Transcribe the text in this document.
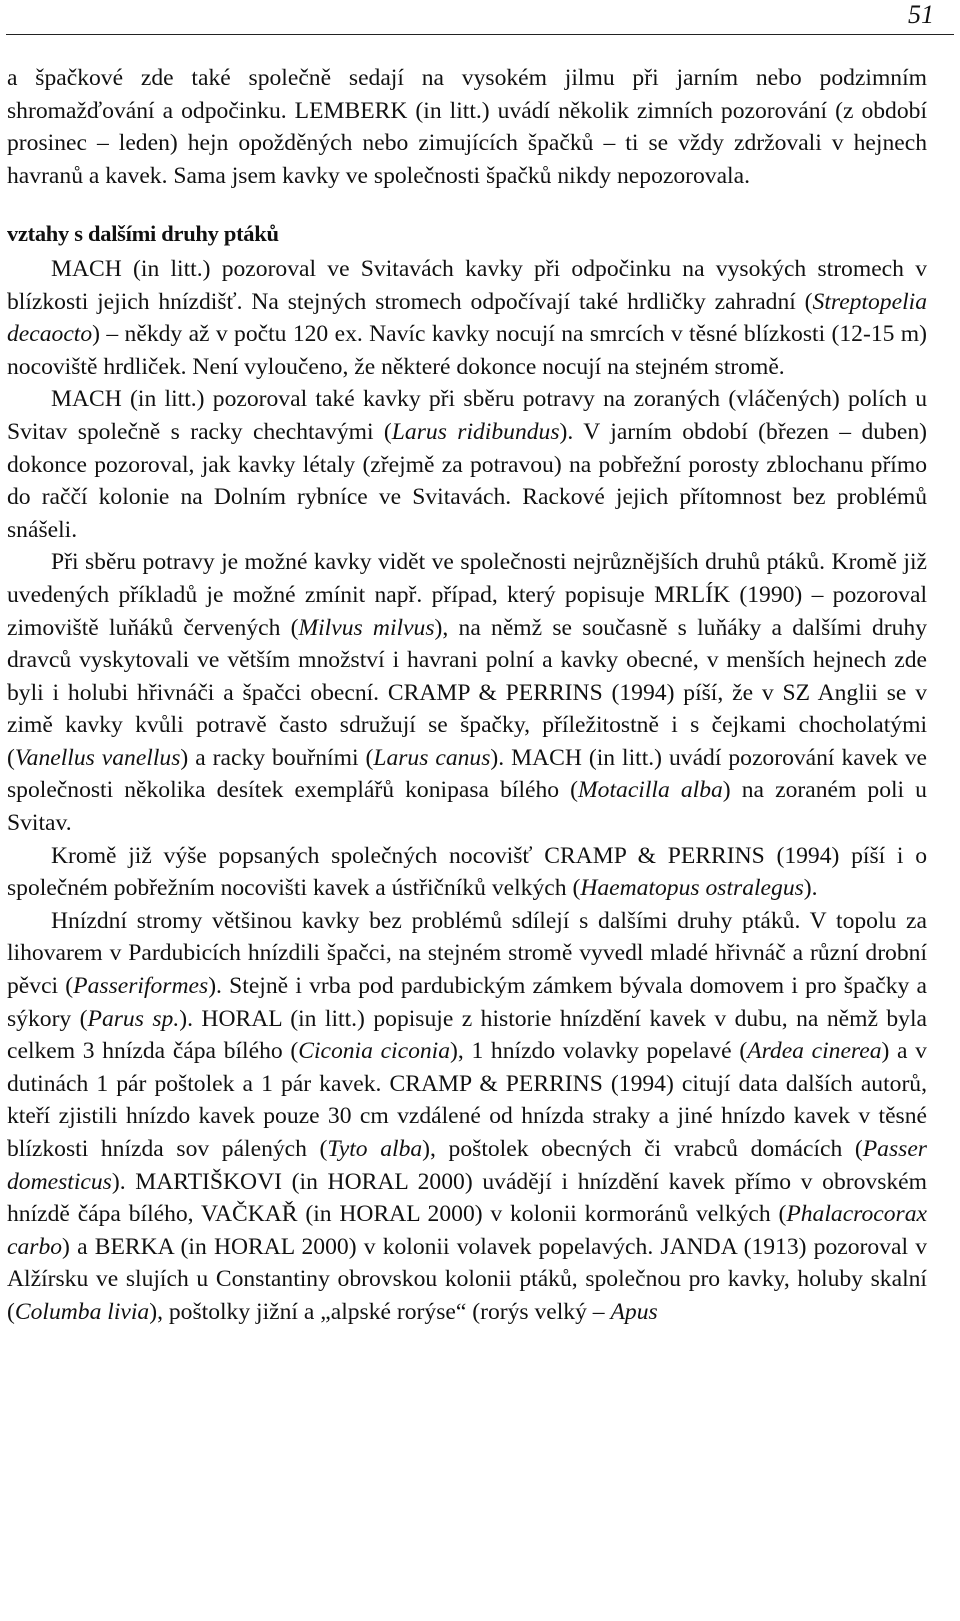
51

a špačkové zde také společně sedají na vysokém jilmu při jarním nebo podzimním shromažďování a odpočinku. LEMBERK (in litt.) uvádí několik zimních pozorování (z období prosinec – leden) hejn opožděných nebo zimujících špačků – ti se vždy zdržovali v hejnech havranů a kavek. Sama jsem kavky ve společnosti špačků nikdy nepozorovala.

vztahy s dalšími druhy ptáků

MACH (in litt.) pozoroval ve Svitavách kavky při odpočinku na vysokých stromech v blízkosti jejich hnízdišť. Na stejných stromech odpočívají také hrdličky zahradní (Streptopelia decaocto) – někdy až v počtu 120 ex. Navíc kavky nocují na smrcích v těsné blízkosti (12-15 m) nocoviště hrdliček. Není vyloučeno, že některé dokonce nocují na stejném stromě.

MACH (in litt.) pozoroval také kavky při sběru potravy na zoraných (vláčených) polích u Svitav společně s racky chechtavými (Larus ridibundus). V jarním období (březen – duben) dokonce pozoroval, jak kavky létaly (zřejmě za potravou) na pobřežní porosty zblochanu přímo do raččí kolonie na Dolním rybníce ve Svitavách. Rackové jejich přítomnost bez problémů snášeli.

Při sběru potravy je možné kavky vidět ve společnosti nejrůznějších druhů ptáků. Kromě již uvedených příkladů je možné zmínit např. případ, který popisuje MRLÍK (1990) – pozoroval zimoviště luňáků červených (Milvus milvus), na němž se současně s luňáky a dalšími druhy dravců vyskytovali ve větším množství i havrani polní a kavky obecné, v menších hejnech zde byli i holubi hřivnáči a špačci obecní. CRAMP & PERRINS (1994) píší, že v SZ Anglii se v zimě kavky kvůli potravě často sdružují se špačky, příležitostně i s čejkami chocholatými (Vanellus vanellus) a racky bouřními (Larus canus). MACH (in litt.) uvádí pozorování kavek ve společnosti několika desítek exemplářů konipasa bílého (Motacilla alba) na zoraném poli u Svitav.

Kromě již výše popsaných společných nocovišť CRAMP & PERRINS (1994) píší i o společném pobřežním nocovišti kavek a ústřičníků velkých (Haematopus ostralegus).

Hnízdní stromy většinou kavky bez problémů sdílejí s dalšími druhy ptáků. V topolu za lihovarem v Pardubicích hnízdili špačci, na stejném stromě vyvedl mladé hřivnáč a různí drobní pěvci (Passeriformes). Stejně i vrba pod pardubickým zámkem bývala domovem i pro špačky a sýkory (Parus sp.). HORAL (in litt.) popisuje z historie hnízdění kavek v dubu, na němž byla celkem 3 hnízda čápa bílého (Ciconia ciconia), 1 hnízdo volavky popelavé (Ardea cinerea) a v dutinách 1 pár poštolek a 1 pár kavek. CRAMP & PERRINS (1994) citují data dalších autorů, kteří zjistili hnízdo kavek pouze 30 cm vzdálené od hnízda straky a jiné hnízdo kavek v těsné blízkosti hnízda sov pálených (Tyto alba), poštolek obecných či vrabců domácích (Passer domesticus). MARTIŠKOVI (in HORAL 2000) uvádějí i hnízdění kavek přímo v obrovském hnízdě čápa bílého, VAČKAŘ (in HORAL 2000) v kolonii kormoránů velkých (Phalacrocorax carbo) a BERKA (in HORAL 2000) v kolonii volavek popelavých. JANDA (1913) pozoroval v Alžírsku ve slujích u Constantiny obrovskou kolonii ptáků, společnou pro kavky, holuby skalní (Columba livia), poštolky jižní a „alpské rorýse“ (rorýs velký – Apus
